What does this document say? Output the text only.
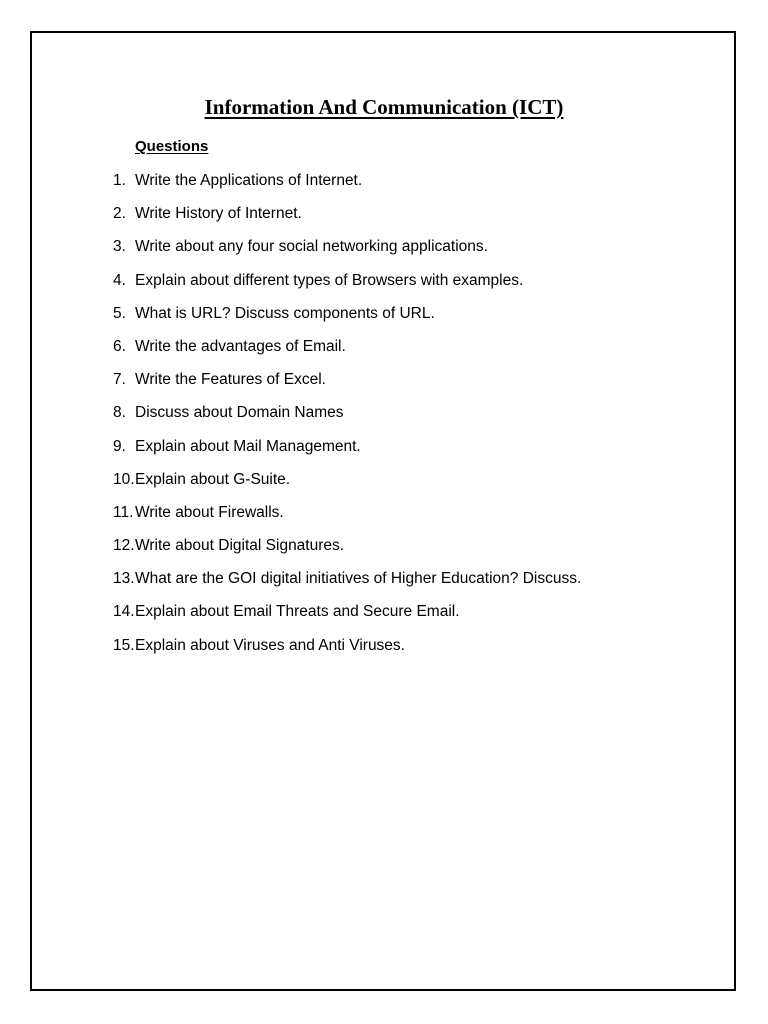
Information And Communication (ICT)
Questions
1. Write the Applications of Internet.
2. Write History of Internet.
3. Write about any four social networking applications.
4. Explain about different types of Browsers with examples.
5. What is URL? Discuss components of URL.
6. Write the advantages of Email.
7. Write the Features of Excel.
8. Discuss about Domain Names
9. Explain about Mail Management.
10. Explain about G-Suite.
11. Write about Firewalls.
12. Write about Digital Signatures.
13. What are the GOI digital initiatives of Higher Education? Discuss.
14. Explain about Email Threats and Secure Email.
15. Explain about Viruses and Anti Viruses.
